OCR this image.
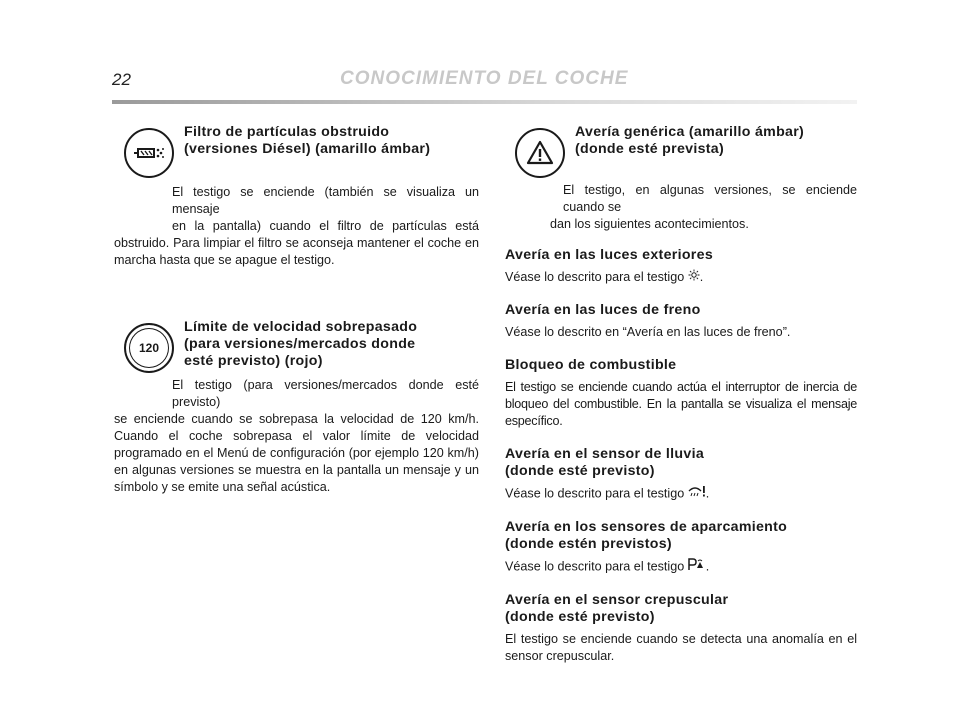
22	CONOCIMIENTO DEL COCHE
Filtro de partículas obstruido
(versiones Diésel) (amarillo ámbar)

El testigo se enciende (también se visualiza un mensaje

en la pantalla) cuando el filtro de partículas está obstruido. Para limpiar el filtro se aconseja mantener el coche en marcha hasta que se apague el testigo.

120
Límite de velocidad sobrepasado
(para versiones/mercados donde
esté previsto) (rojo)

El testigo (para versiones/mercados donde esté previsto)

se enciende cuando se sobrepasa la velocidad de 120 km/h. Cuando el coche sobrepasa el valor límite de velocidad programado en el Menú de configuración (por ejemplo 120 km/h) en algunas versiones se muestra en la pantalla un mensaje y un símbolo y se emite una señal acústica.

Avería genérica (amarillo ámbar)
(donde esté prevista)

El testigo, en algunas versiones, se enciende cuando se

dan los siguientes acontecimientos.

Avería en las luces exteriores

Véase lo descrito para el testigo .

Avería en las luces de freno

Véase lo descrito en “Avería en las luces de freno”.

Bloqueo de combustible

El testigo se enciende cuando actúa el interruptor de inercia de bloqueo del combustible. En la pantalla se visualiza el mensaje específico.

Avería en el sensor de lluvia
(donde esté previsto)

Véase lo descrito para el testigo .

Avería en los sensores de aparcamiento
(donde estén previstos)

Véase lo descrito para el testigo .

Avería en el sensor crepuscular
(donde esté previsto)

El testigo se enciende cuando se detecta una anomalía en el sensor crepuscular.
